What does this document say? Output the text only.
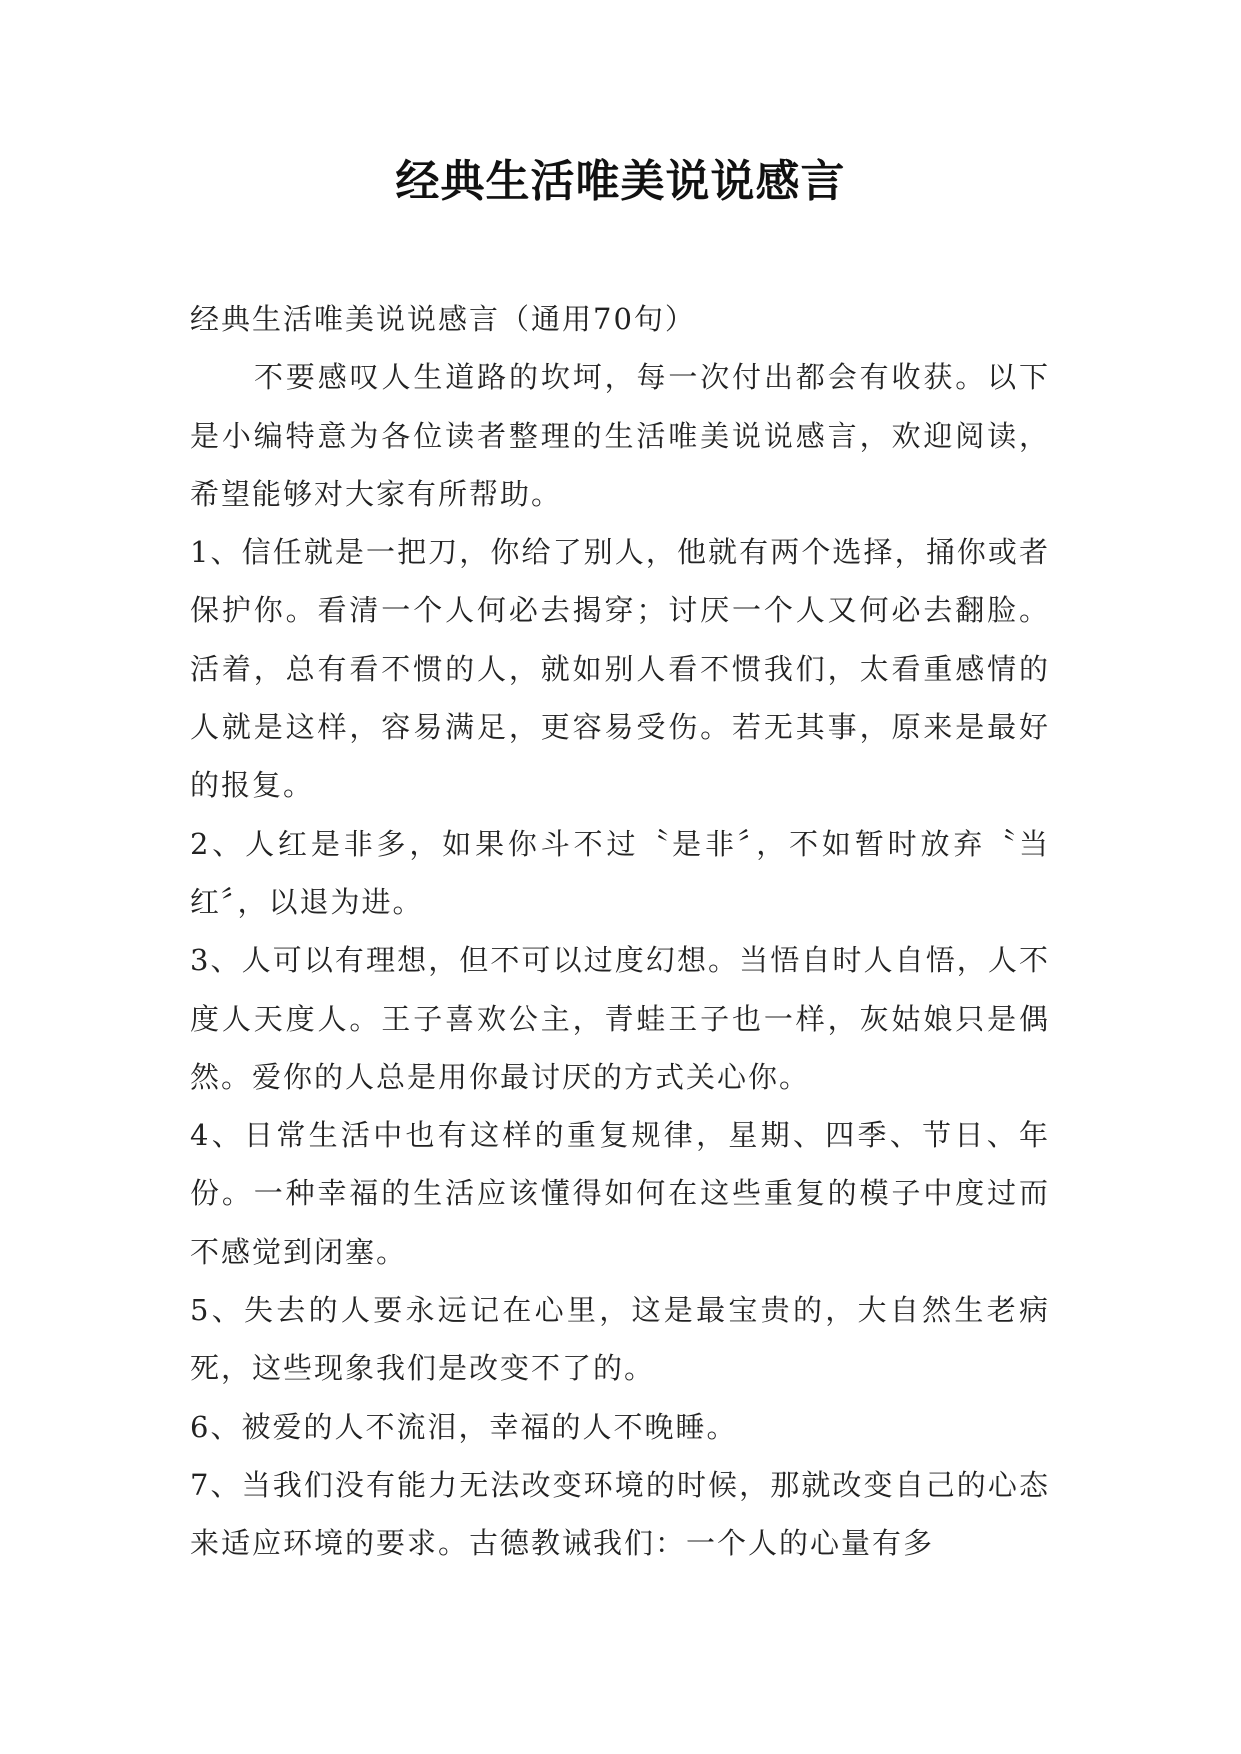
经典生活唯美说说感言

经典生活唯美说说感言（通用70句）

不要感叹人生道路的坎坷，每一次付出都会有收获。以下是小编特意为各位读者整理的生活唯美说说感言，欢迎阅读，希望能够对大家有所帮助。

1、信任就是一把刀，你给了别人，他就有两个选择，捅你或者保护你。看清一个人何必去揭穿；讨厌一个人又何必去翻脸。活着，总有看不惯的人，就如别人看不惯我们，太看重感情的人就是这样，容易满足，更容易受伤。若无其事，原来是最好的报复。

2、人红是非多，如果你斗不过〝是非〞，不如暂时放弃〝当红〞，以退为进。

3、人可以有理想，但不可以过度幻想。当悟自时人自悟，人不度人天度人。王子喜欢公主，青蛙王子也一样，灰姑娘只是偶然。爱你的人总是用你最讨厌的方式关心你。

4、日常生活中也有这样的重复规律，星期、四季、节日、年份。一种幸福的生活应该懂得如何在这些重复的模子中度过而不感觉到闭塞。

5、失去的人要永远记在心里，这是最宝贵的，大自然生老病死，这些现象我们是改变不了的。

6、被爱的人不流泪，幸福的人不晚睡。

7、当我们没有能力无法改变环境的时候，那就改变自己的心态来适应环境的要求。古德教诫我们：一个人的心量有多
